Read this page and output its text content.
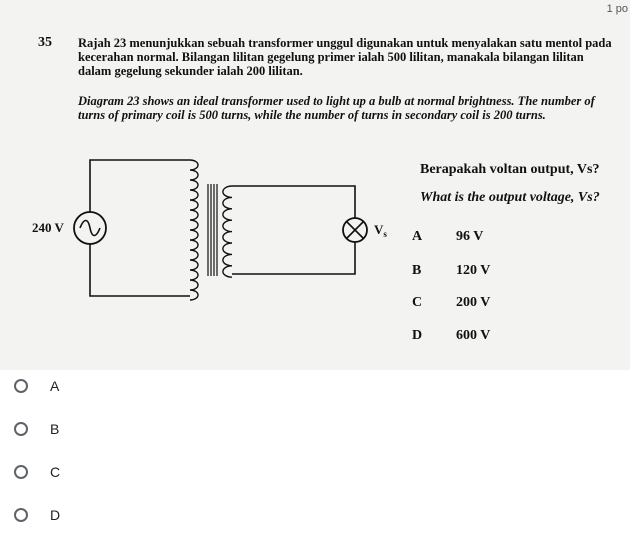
1 po
35 Rajah 23 menunjukkan sebuah transformer unggul digunakan untuk menyalakan satu mentol pada kecerahan normal. Bilangan lilitan gegelung primer ialah 500 lilitan, manakala bilangan lilitan dalam gegelung sekunder ialah 200 lilitan.

Diagram 23 shows an ideal transformer used to light up a bulb at normal brightness. The number of turns of primary coil is 500 turns, while the number of turns in secondary coil is 200 turns.

240 V	$V_s$

Berapakah voltan output, Vs?

What is the output voltage, Vs?

A 96 V
B 120 V
C 200 V
D 600 V
A
B
C
D
